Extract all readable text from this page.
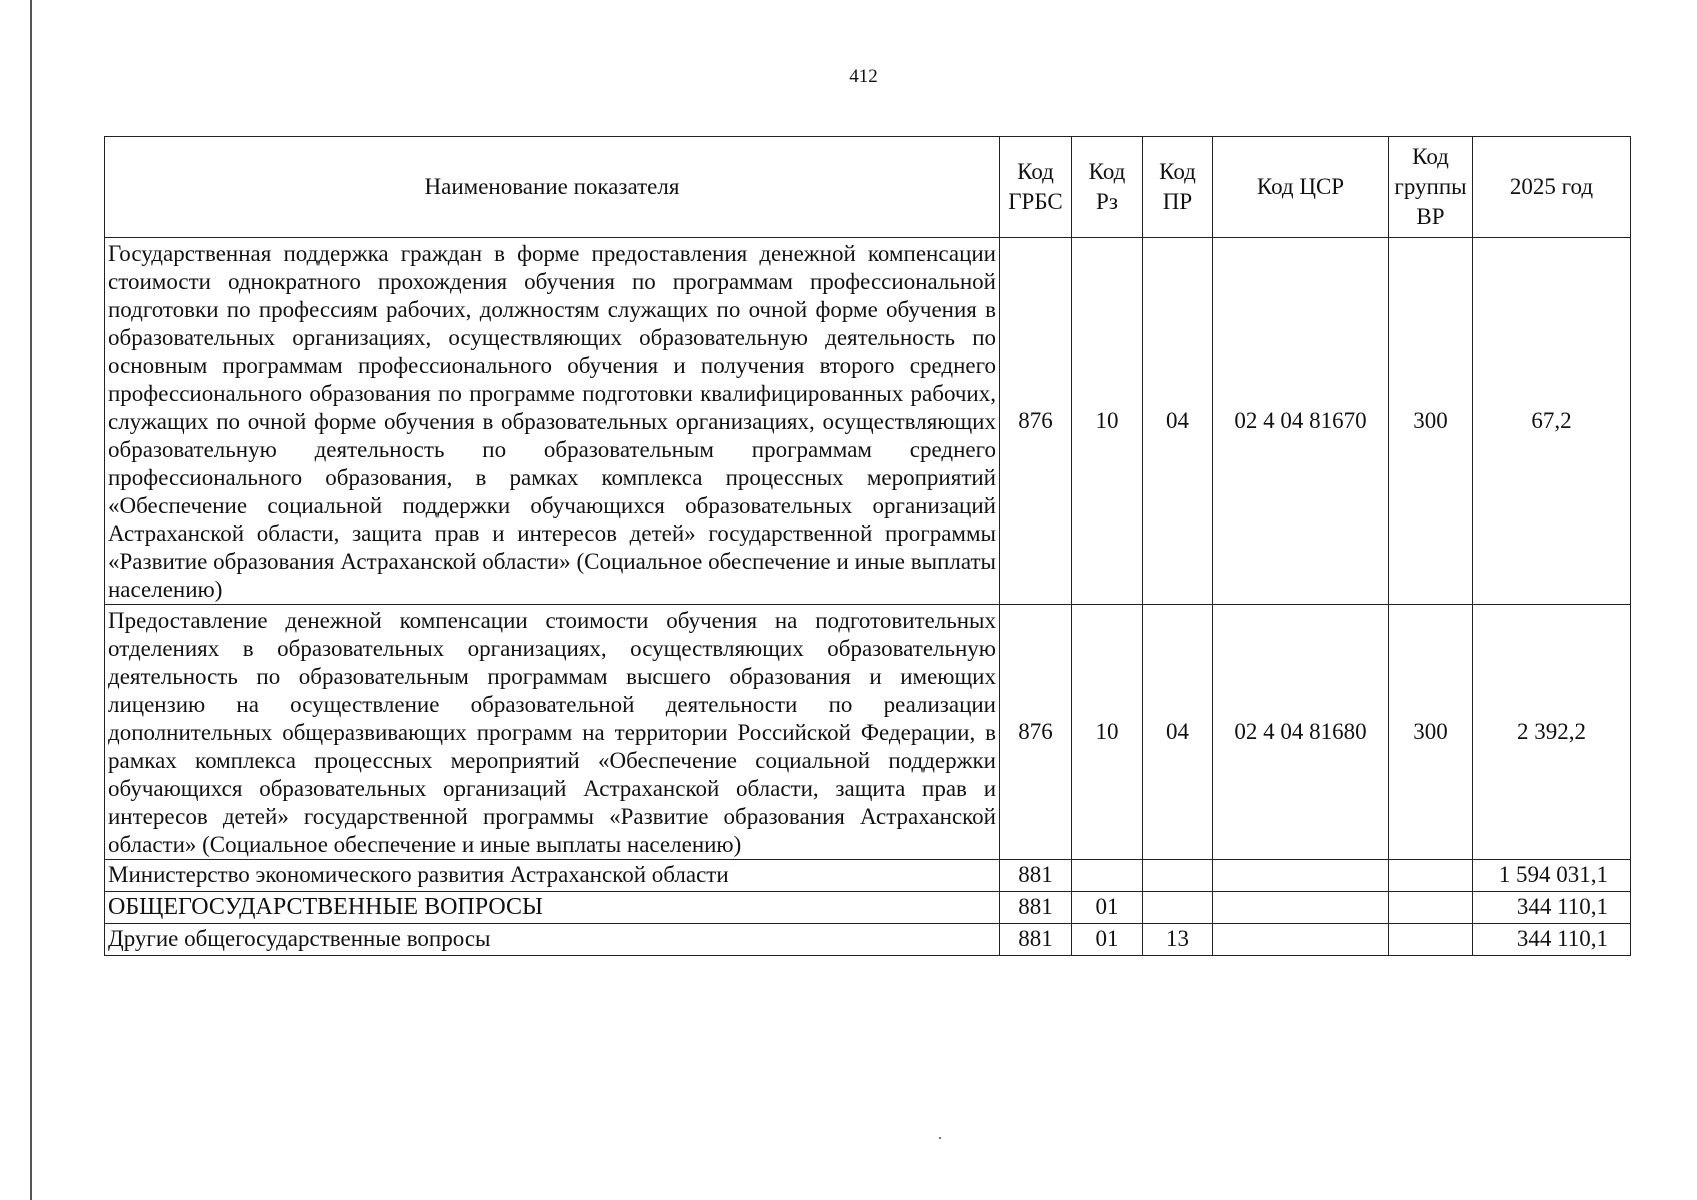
412
Наименование показателя	Код ГРБС	Код Рз	Код ПР	Код ЦСР	Код группы ВР	2025 год
Государственная поддержка граждан в форме предоставления денежной компенсации стоимости однократного прохождения обучения по программам профессиональной подготовки по профессиям рабочих, должностям служащих по очной форме обучения в образовательных организациях, осуществляющих образовательную деятельность по основным программам профессионального обучения и получения второго среднего профессионального образования по программе подготовки квалифицированных рабочих, служащих по очной форме обучения в образовательных организациях, осуществляющих образовательную деятельность по образовательным программам среднего профессионального образования, в рамках комплекса процессных мероприятий «Обеспечение социальной поддержки обучающихся образовательных организаций Астраханской области, защита прав и интересов детей» государственной программы «Развитие образования Астраханской области» (Социальное обеспечение и иные выплаты населению)	876	10	04	02 4 04 81670	300	67,2
Предоставление денежной компенсации стоимости обучения на подготовительных отделениях в образовательных организациях, осуществляющих образовательную деятельность по образовательным программам высшего образования и имеющих лицензию на осуществление образовательной деятельности по реализации дополнительных общеразвивающих программ на территории Российской Федерации, в рамках комплекса процессных мероприятий «Обеспечение социальной поддержки обучающихся образовательных организаций Астраханской области, защита прав и интересов детей» государственной программы «Развитие образования Астраханской области» (Социальное обеспечение и иные выплаты населению)	876	10	04	02 4 04 81680	300	2 392,2
Министерство экономического развития Астраханской области	881					1 594 031,1
ОБЩЕГОСУДАРСТВЕННЫЕ ВОПРОСЫ	881	01				344 110,1
Другие общегосударственные вопросы	881	01	13			344 110,1
